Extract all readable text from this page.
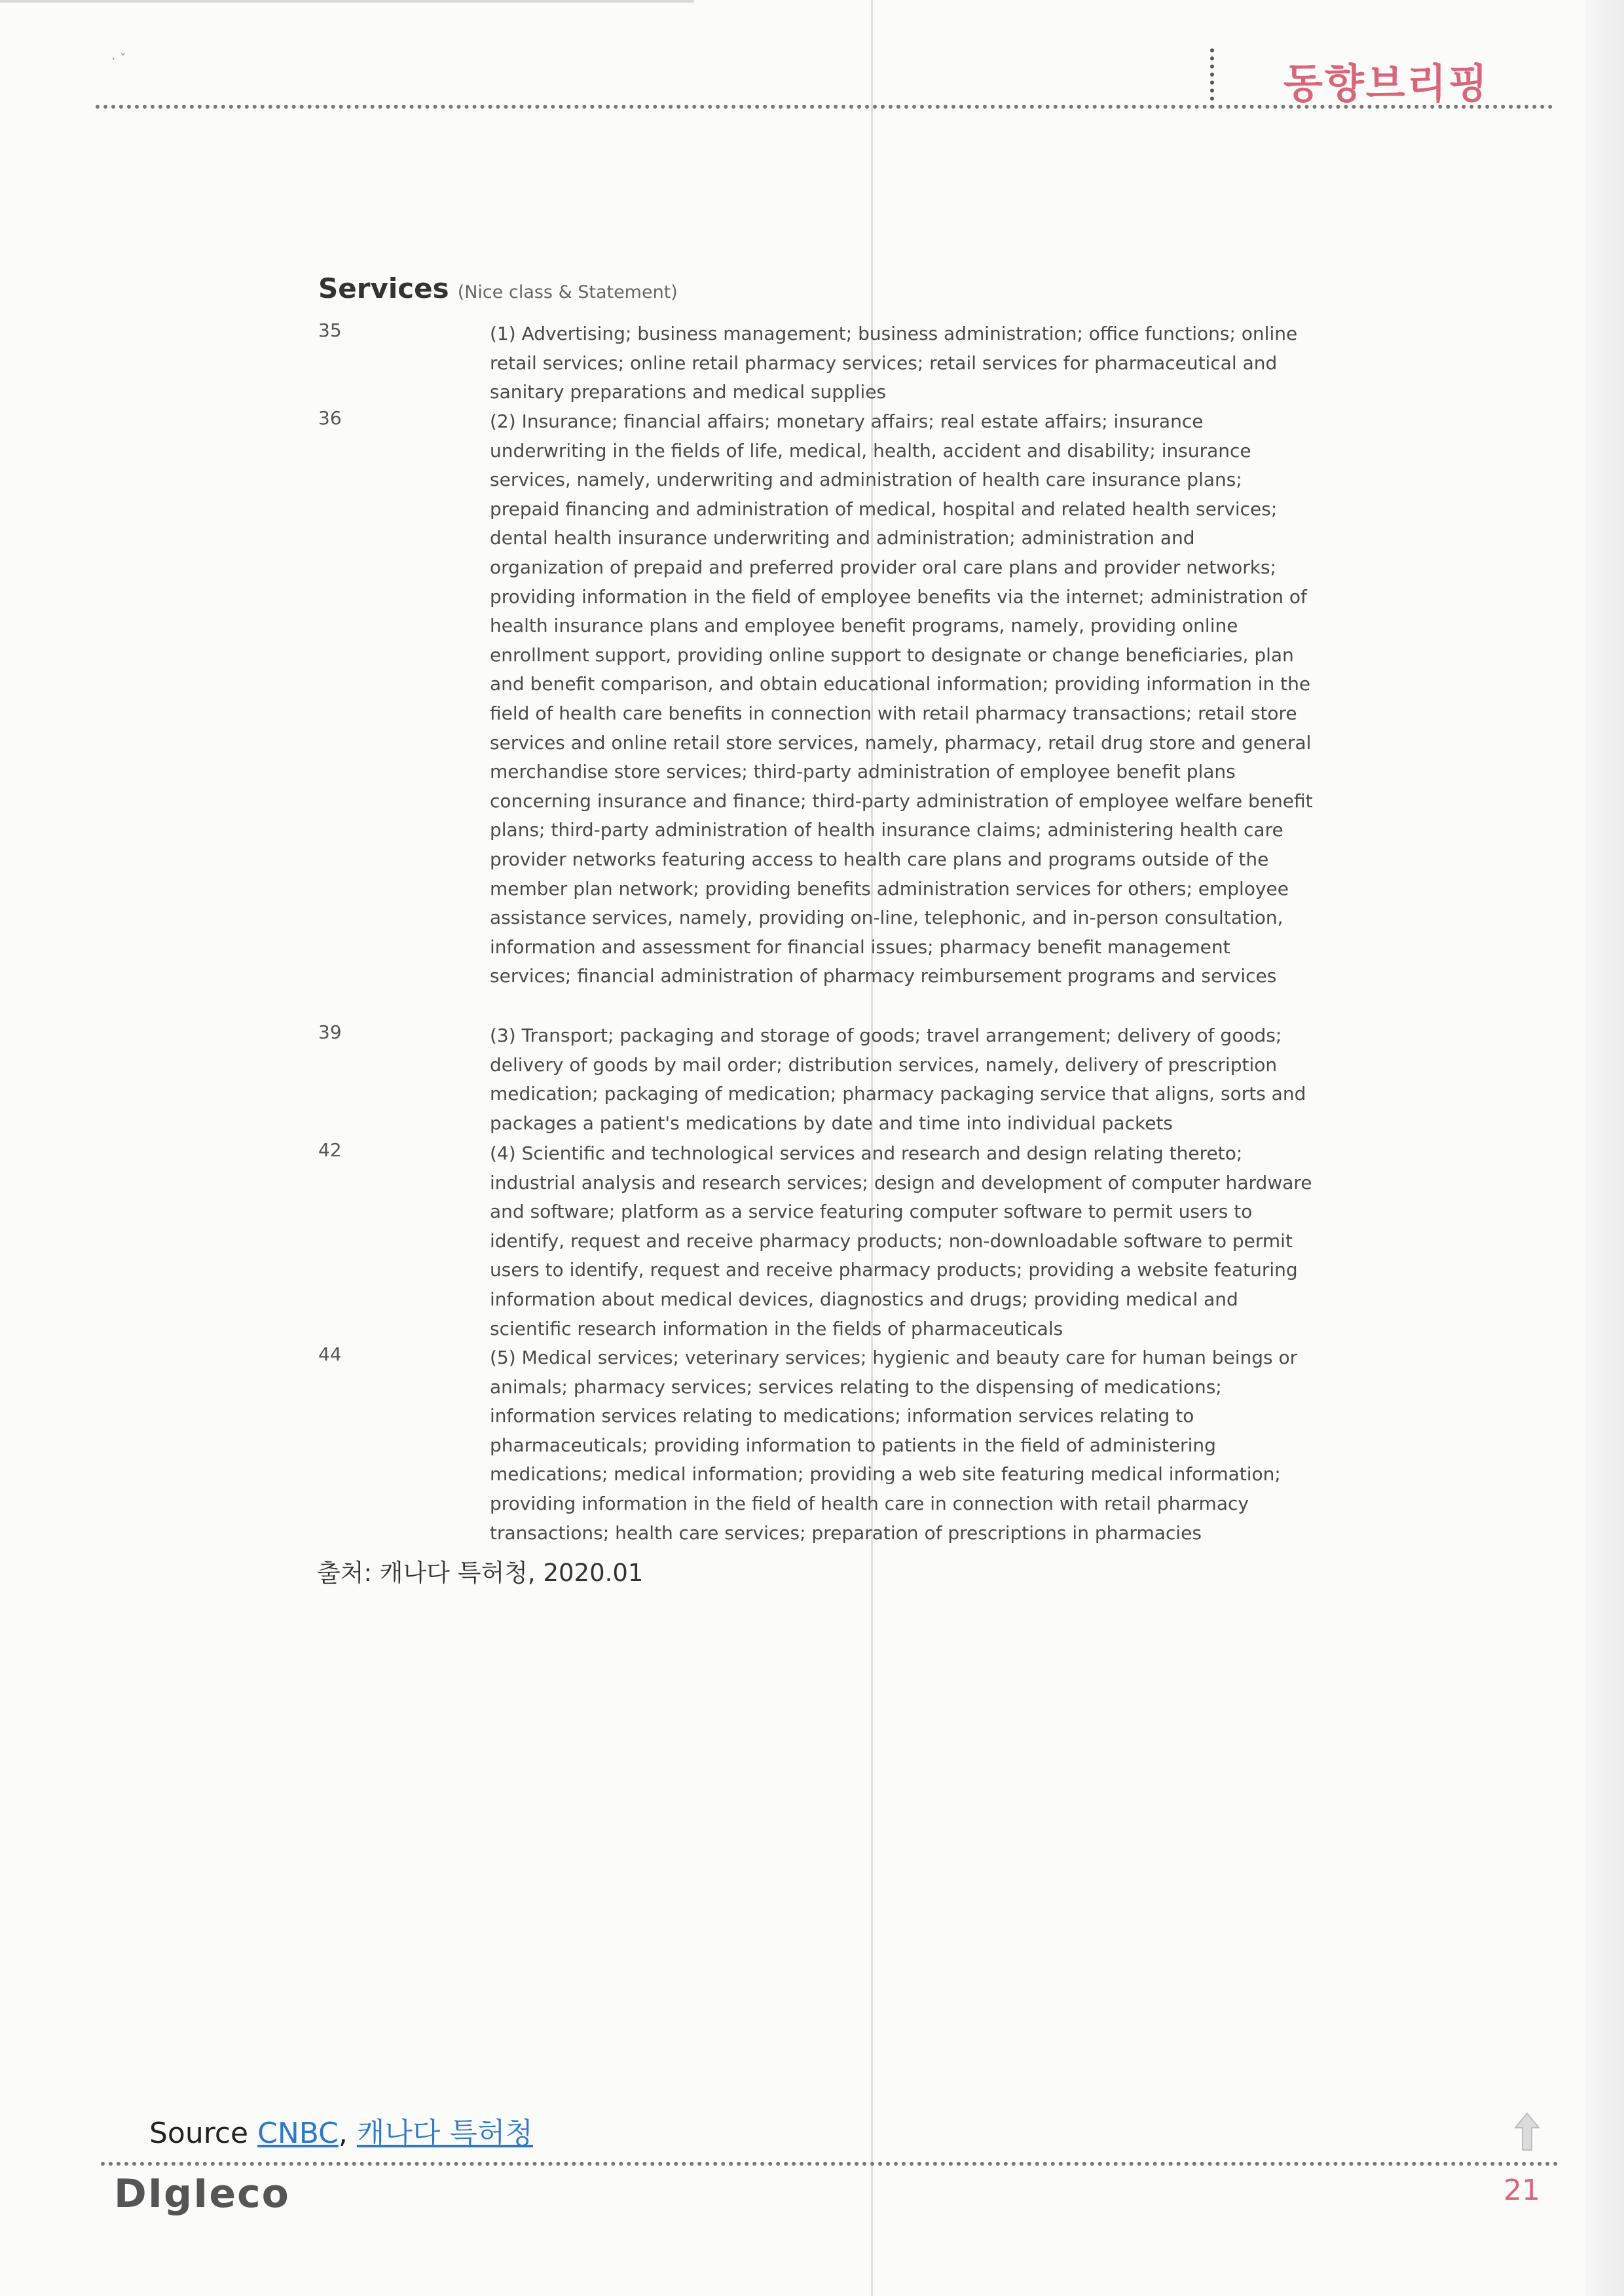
· ˇ
동향브리핑
Services (Nice class & Statement)
35	(1) Advertising; business management; business administration; office functions; online retail services; online retail pharmacy services; retail services for pharmaceutical and sanitary preparations and medical supplies
36	(2) Insurance; financial affairs; monetary affairs; real estate affairs; insurance underwriting in the fields of life, medical, health, accident and disability; insurance services, namely, underwriting and administration of health care insurance plans; prepaid financing and administration of medical, hospital and related health services; dental health insurance underwriting and administration; administration and organization of prepaid and preferred provider oral care plans and provider networks; providing information in the field of employee benefits via the internet; administration of health insurance plans and employee benefit programs, namely, providing online enrollment support, providing online support to designate or change beneficiaries, plan and benefit comparison, and obtain educational information; providing information in the field of health care benefits in connection with retail pharmacy transactions; retail store services and online retail store services, namely, pharmacy, retail drug store and general merchandise store services; third-party administration of employee benefit plans concerning insurance and finance; third-party administration of employee welfare benefit plans; third-party administration of health insurance claims; administering health care provider networks featuring access to health care plans and programs outside of the member plan network; providing benefits administration services for others; employee assistance services, namely, providing on-line, telephonic, and in-person consultation, information and assessment for financial issues; pharmacy benefit management services; financial administration of pharmacy reimbursement programs and services
39	(3) Transport; packaging and storage of goods; travel arrangement; delivery of goods; delivery of goods by mail order; distribution services, namely, delivery of prescription medication; packaging of medication; pharmacy packaging service that aligns, sorts and packages a patient's medications by date and time into individual packets
42	(4) Scientific and technological services and research and design relating thereto; industrial analysis and research services; design and development of computer hardware and software; platform as a service featuring computer software to permit users to identify, request and receive pharmacy products; non-downloadable software to permit users to identify, request and receive pharmacy products; providing a website featuring information about medical devices, diagnostics and drugs; providing medical and scientific research information in the fields of pharmaceuticals
44	(5) Medical services; veterinary services; hygienic and beauty care for human beings or animals; pharmacy services; services relating to the dispensing of medications; information services relating to medications; information services relating to pharmaceuticals; providing information to patients in the field of administering medications; medical information; providing a web site featuring medical information; providing information in the field of health care in connection with retail pharmacy transactions; health care services; preparation of prescriptions in pharmacies
출처: 캐나다 특허청, 2020.01
Source CNBC, 캐나다 특허청
DIgIeco	21
